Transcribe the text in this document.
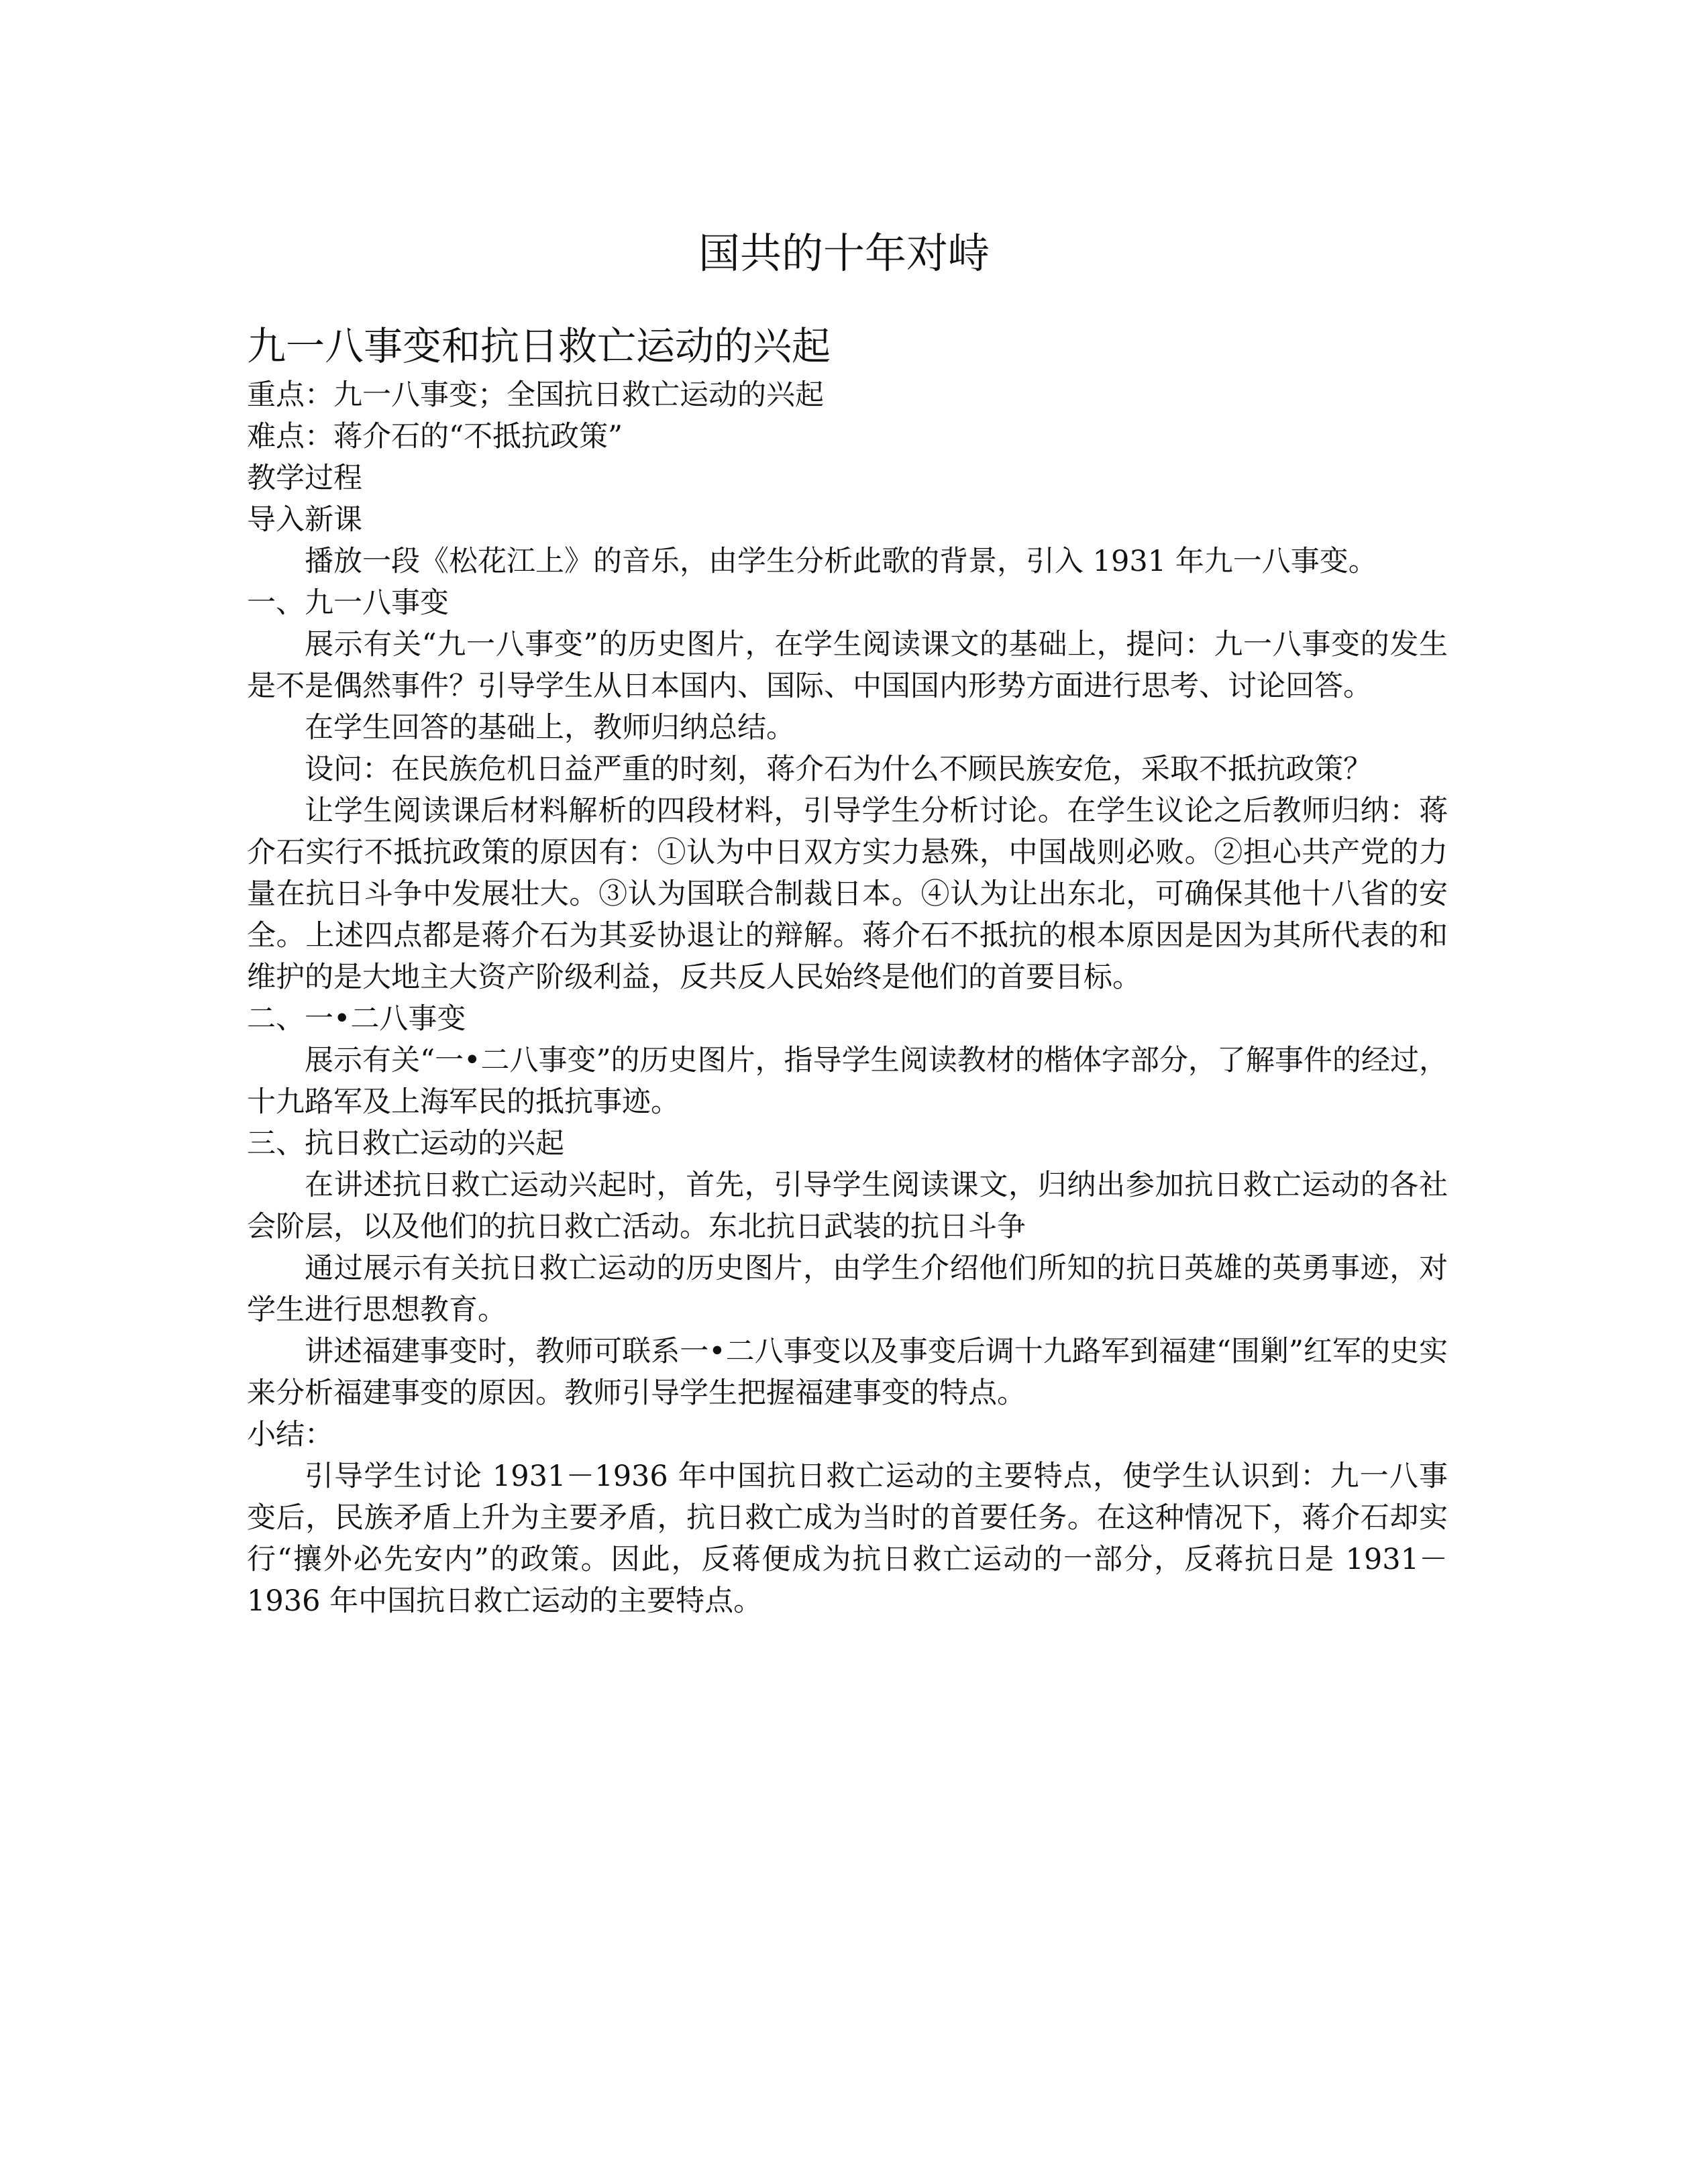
国共的十年对峙
九一八事变和抗日救亡运动的兴起

重点：九一八事变；全国抗日救亡运动的兴起

难点：蒋介石的“不抵抗政策”

教学过程

导入新课

播放一段《松花江上》的音乐，由学生分析此歌的背景，引入 1931 年九一八事变。

一、九一八事变

展示有关“九一八事变”的历史图片，在学生阅读课文的基础上，提问：九一八事变的发生是不是偶然事件？引导学生从日本国内、国际、中国国内形势方面进行思考、讨论回答。

在学生回答的基础上，教师归纳总结。

设问：在民族危机日益严重的时刻，蒋介石为什么不顾民族安危，采取不抵抗政策？

让学生阅读课后材料解析的四段材料，引导学生分析讨论。在学生议论之后教师归纳：蒋介石实行不抵抗政策的原因有：①认为中日双方实力悬殊，中国战则必败。②担心共产党的力量在抗日斗争中发展壮大。③认为国联合制裁日本。④认为让出东北，可确保其他十八省的安全。上述四点都是蒋介石为其妥协退让的辩解。蒋介石不抵抗的根本原因是因为其所代表的和维护的是大地主大资产阶级利益，反共反人民始终是他们的首要目标。

二、一•二八事变

展示有关“一•二八事变”的历史图片，指导学生阅读教材的楷体字部分，了解事件的经过，十九路军及上海军民的抵抗事迹。

三、抗日救亡运动的兴起

在讲述抗日救亡运动兴起时，首先，引导学生阅读课文，归纳出参加抗日救亡运动的各社会阶层，以及他们的抗日救亡活动。东北抗日武装的抗日斗争

通过展示有关抗日救亡运动的历史图片，由学生介绍他们所知的抗日英雄的英勇事迹，对学生进行思想教育。

讲述福建事变时，教师可联系一•二八事变以及事变后调十九路军到福建“围剿”红军的史实来分析福建事变的原因。教师引导学生把握福建事变的特点。

小结：

引导学生讨论 1931－1936 年中国抗日救亡运动的主要特点，使学生认识到：九一八事变后，民族矛盾上升为主要矛盾，抗日救亡成为当时的首要任务。在这种情况下，蒋介石却实行“攘外必先安内”的政策。因此，反蒋便成为抗日救亡运动的一部分，反蒋抗日是 1931－1936 年中国抗日救亡运动的主要特点。
